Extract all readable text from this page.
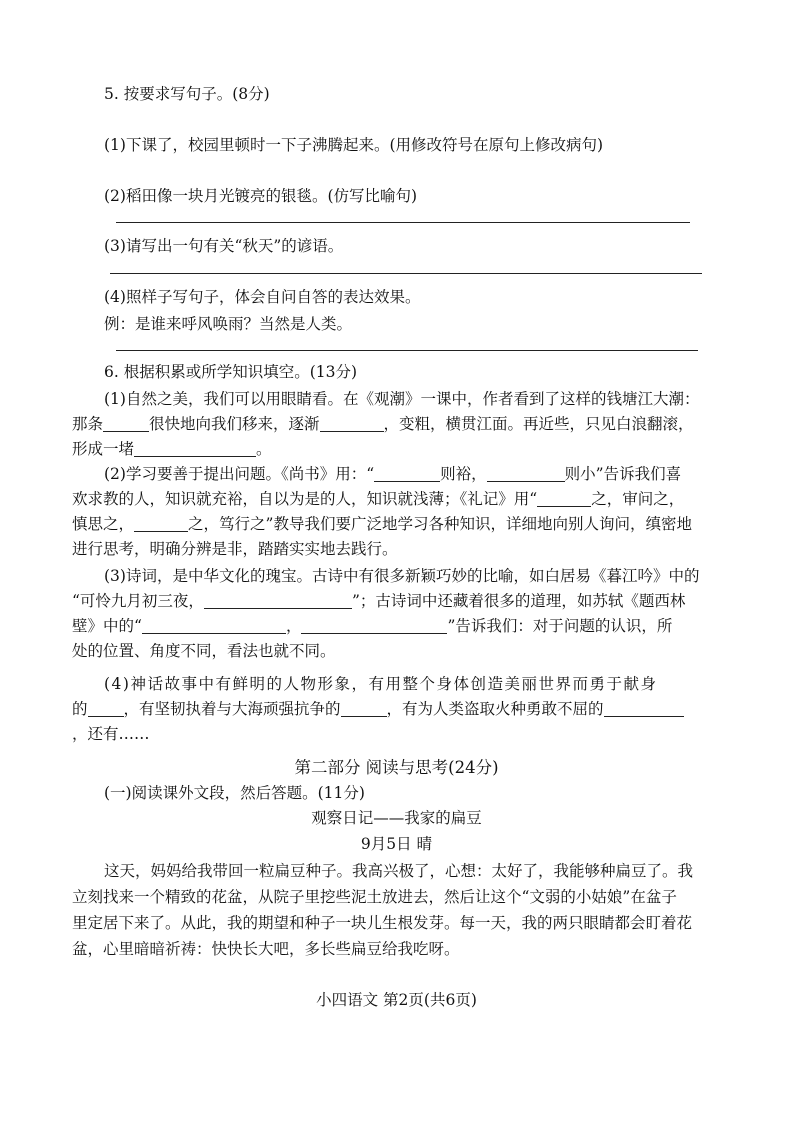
5. 按要求写句子。(8分)
(1)下课了，校园里顿时一下子沸腾起来。(用修改符号在原句上修改病句)
(2)稻田像一块月光镀亮的银毯。(仿写比喻句)
(3)请写出一句有关“秋天”的谚语。
(4)照样子写句子，体会自问自答的表达效果。
例：是谁来呼风唤雨？当然是人类。
6. 根据积累或所学知识填空。(13分)
(1)自然之美，我们可以用眼睛看。在《观潮》一课中，作者看到了这样的钱塘江大潮：
那条	很快地向我们移来，逐渐	，变粗，横贯江面。再近些，只见白浪翻滚，
形成一堵	。
(2)学习要善于提出问题。《尚书》用：“	则裕，	则小”告诉我们喜
欢求教的人，知识就充裕，自以为是的人，知识就浅薄；《礼记》用“	之，审问之，
慎思之，	之，笃行之”教导我们要广泛地学习各种知识，详细地向别人询问，缜密地
进行思考，明确分辨是非，踏踏实实地去践行。
(3)诗词，是中华文化的瑰宝。古诗中有很多新颖巧妙的比喻，如白居易《暮江吟》中的
“可怜九月初三夜，	”；古诗词中还藏着很多的道理，如苏轼《题西林
壁》中的“	，	”告诉我们：对于问题的认识，所
处的位置、角度不同，看法也就不同。
(4)神话故事中有鲜明的人物形象，有用整个身体创造美丽世界而勇于献身
的 ，有坚韧执着与大海顽强抗争的	，有为人类盗取火种勇敢不屈的
，还有……
第二部分 阅读与思考(24分)
(一)阅读课外文段，然后答题。(11分)
观察日记——我家的扁豆
9月5日 晴
这天，妈妈给我带回一粒扁豆种子。我高兴极了，心想：太好了，我能够种扁豆了。我
立刻找来一个精致的花盆，从院子里挖些泥土放进去，然后让这个“文弱的小姑娘”在盆子
里定居下来了。从此，我的期望和种子一块儿生根发芽。每一天，我的两只眼睛都会盯着花
盆，心里暗暗祈祷：快快长大吧，多长些扁豆给我吃呀。
小四语文 第2页(共6页)
